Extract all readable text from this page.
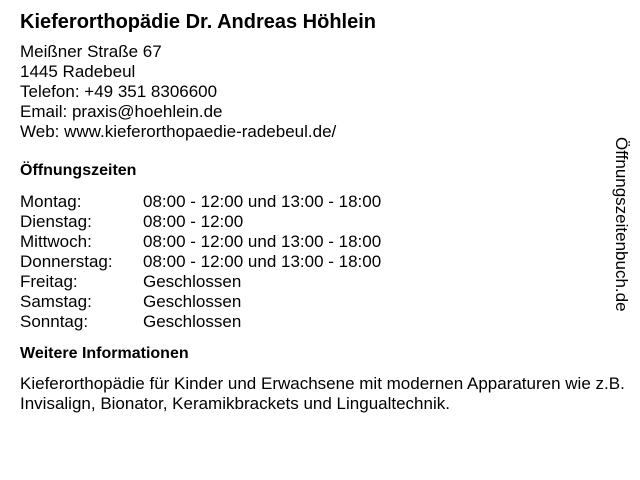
Kieferorthopädie Dr. Andreas Höhlein
Meißner Straße 67
1445 Radebeul
Telefon: +49 351 8306600
Email: praxis@hoehlein.de
Web: www.kieferorthopaedie-radebeul.de/
Öffnungszeiten
Montag:	08:00 - 12:00 und 13:00 - 18:00
Dienstag:	08:00 - 12:00
Mittwoch:	08:00 - 12:00 und 13:00 - 18:00
Donnerstag:	08:00 - 12:00 und 13:00 - 18:00
Freitag:	Geschlossen
Samstag:	Geschlossen
Sonntag:	Geschlossen
Weitere Informationen
Kieferorthopädie für Kinder und Erwachsene mit modernen Apparaturen wie z.B. Invisalign, Bionator, Keramikbrackets und Lingualtechnik.
Öffnungszeitenbuch.de
